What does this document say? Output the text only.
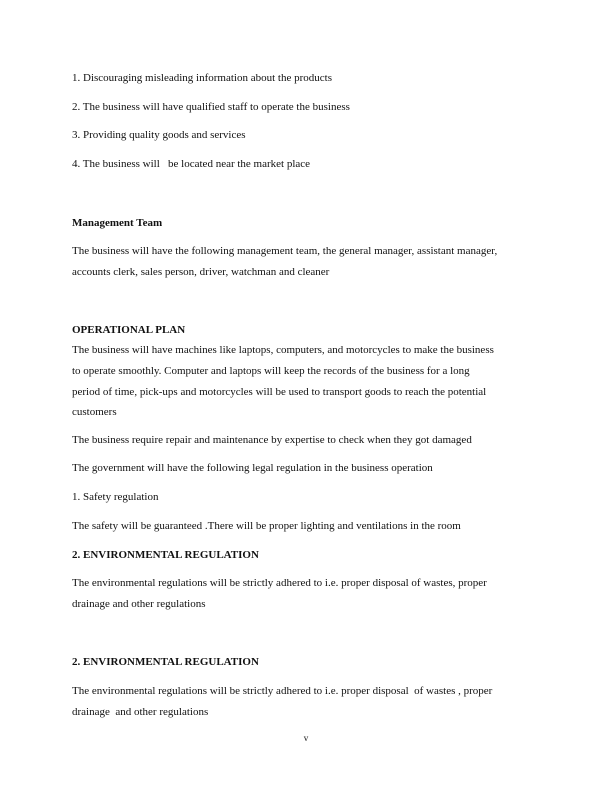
1. Discouraging misleading information about the products
2. The business will have qualified staff to operate the business
3. Providing quality goods and services
4. The business will   be located near the market place
Management Team
The business will have the following management team, the general manager, assistant manager,
accounts clerk, sales person, driver, watchman and cleaner
OPERATIONAL PLAN
The business will have machines like laptops, computers, and motorcycles to make the business
to operate smoothly. Computer and laptops will keep the records of the business for a long
period of time, pick-ups and motorcycles will be used to transport goods to reach the potential
customers
The business require repair and maintenance by expertise to check when they got damaged
The government will have the following legal regulation in the business operation
1. Safety regulation
The safety will be guaranteed .There will be proper lighting and ventilations in the room
2. ENVIRONMENTAL REGULATION
The environmental regulations will be strictly adhered to i.e. proper disposal of wastes, proper
drainage and other regulations
2. ENVIRONMENTAL REGULATION
The environmental regulations will be strictly adhered to i.e. proper disposal  of wastes , proper
drainage  and other regulations
v
